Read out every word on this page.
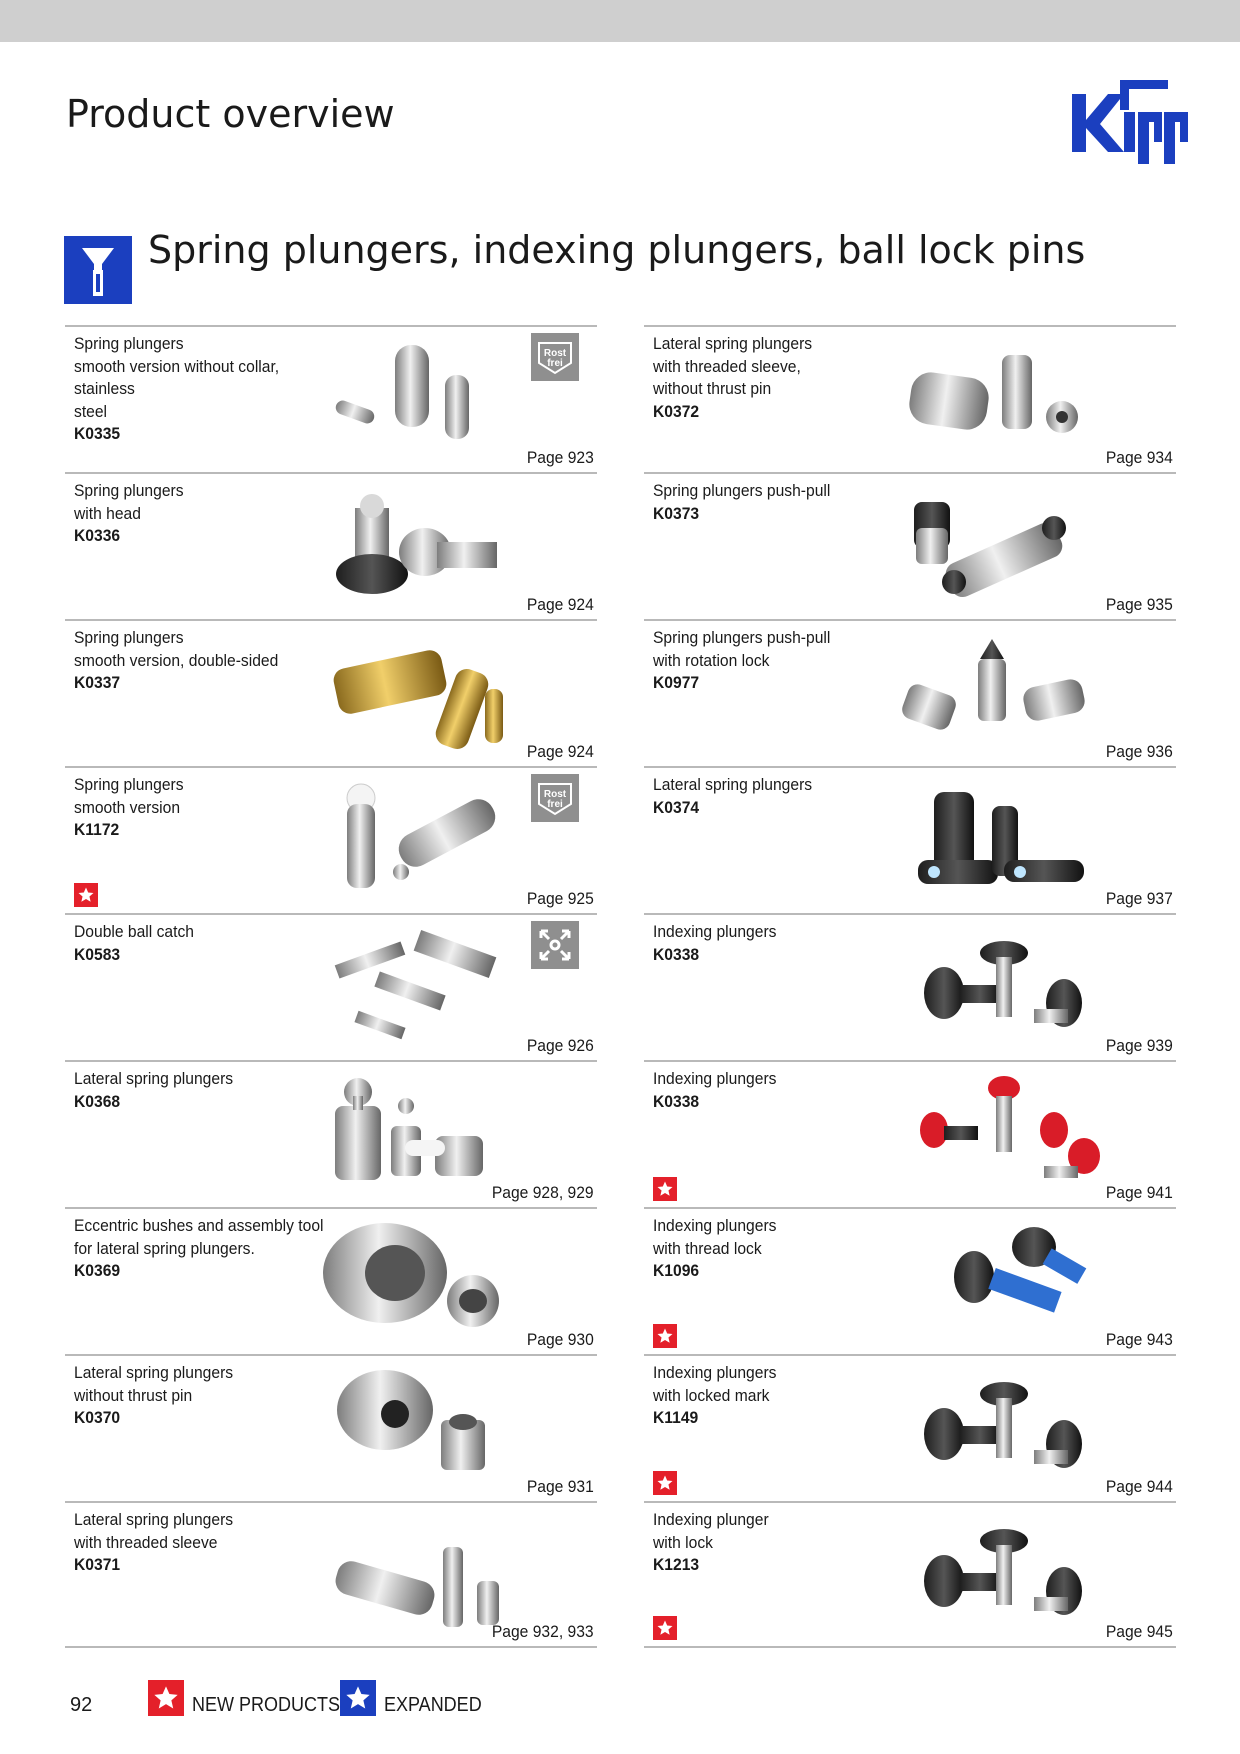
Product overview
Spring plungers, indexing plungers, ball lock pins
Spring plungers
smooth version without collar, stainless
steel
K0335
Rost
frei
Page 923
Spring plungers
with head
K0336
Page 924
Spring plungers
smooth version, double-sided
K0337
Page 924
Spring plungers
smooth version
K1172
Rost
frei
Page 925
Double ball catch
K0583
Page 926
Lateral spring plungers
K0368
Page 928, 929
Eccentric bushes and assembly tool
for lateral spring plungers.
K0369
Page 930
Lateral spring plungers
without thrust pin
K0370
Page 931
Lateral spring plungers
with threaded sleeve
K0371
Page 932, 933
Lateral spring plungers
with threaded sleeve,
without thrust pin
K0372
Page 934
Spring plungers push-pull
K0373
Page 935
Spring plungers push-pull
with rotation lock
K0977
Page 936
Lateral spring plungers
K0374
Page 937
Indexing plungers
K0338
Page 939
Indexing plungers
K0338
Page 941
Indexing plungers
with thread lock
K1096
Page 943
Indexing plungers
with locked mark
K1149
Page 944
Indexing plunger
with lock
K1213
Page 945
92	NEW PRODUCTS EXPANDED
